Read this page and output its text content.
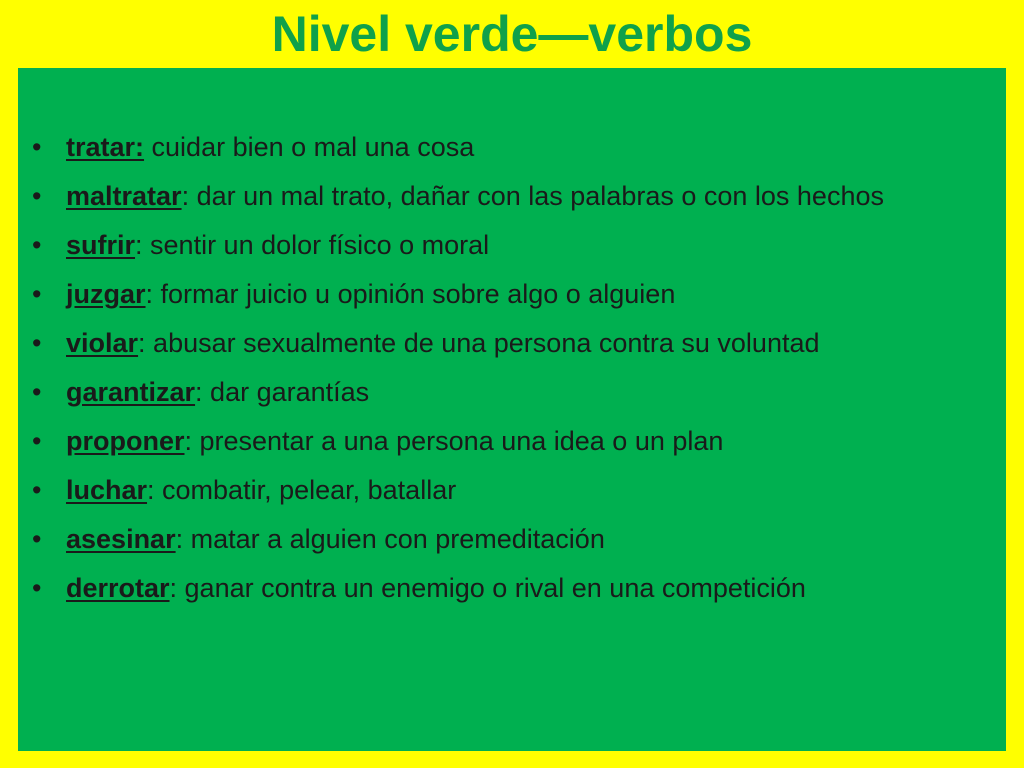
Nivel verde—verbos
• tratar: cuidar bien o mal una cosa
• maltratar: dar un mal trato, dañar con las palabras o con los hechos
• sufrir: sentir un dolor físico o moral
• juzgar: formar juicio u opinión sobre algo o alguien
• violar: abusar sexualmente de una persona contra su voluntad
• garantizar: dar garantías
• proponer: presentar a una persona una idea o un plan
• luchar: combatir, pelear, batallar
• asesinar: matar a alguien con premeditación
• derrotar: ganar contra un enemigo o rival en una competición
